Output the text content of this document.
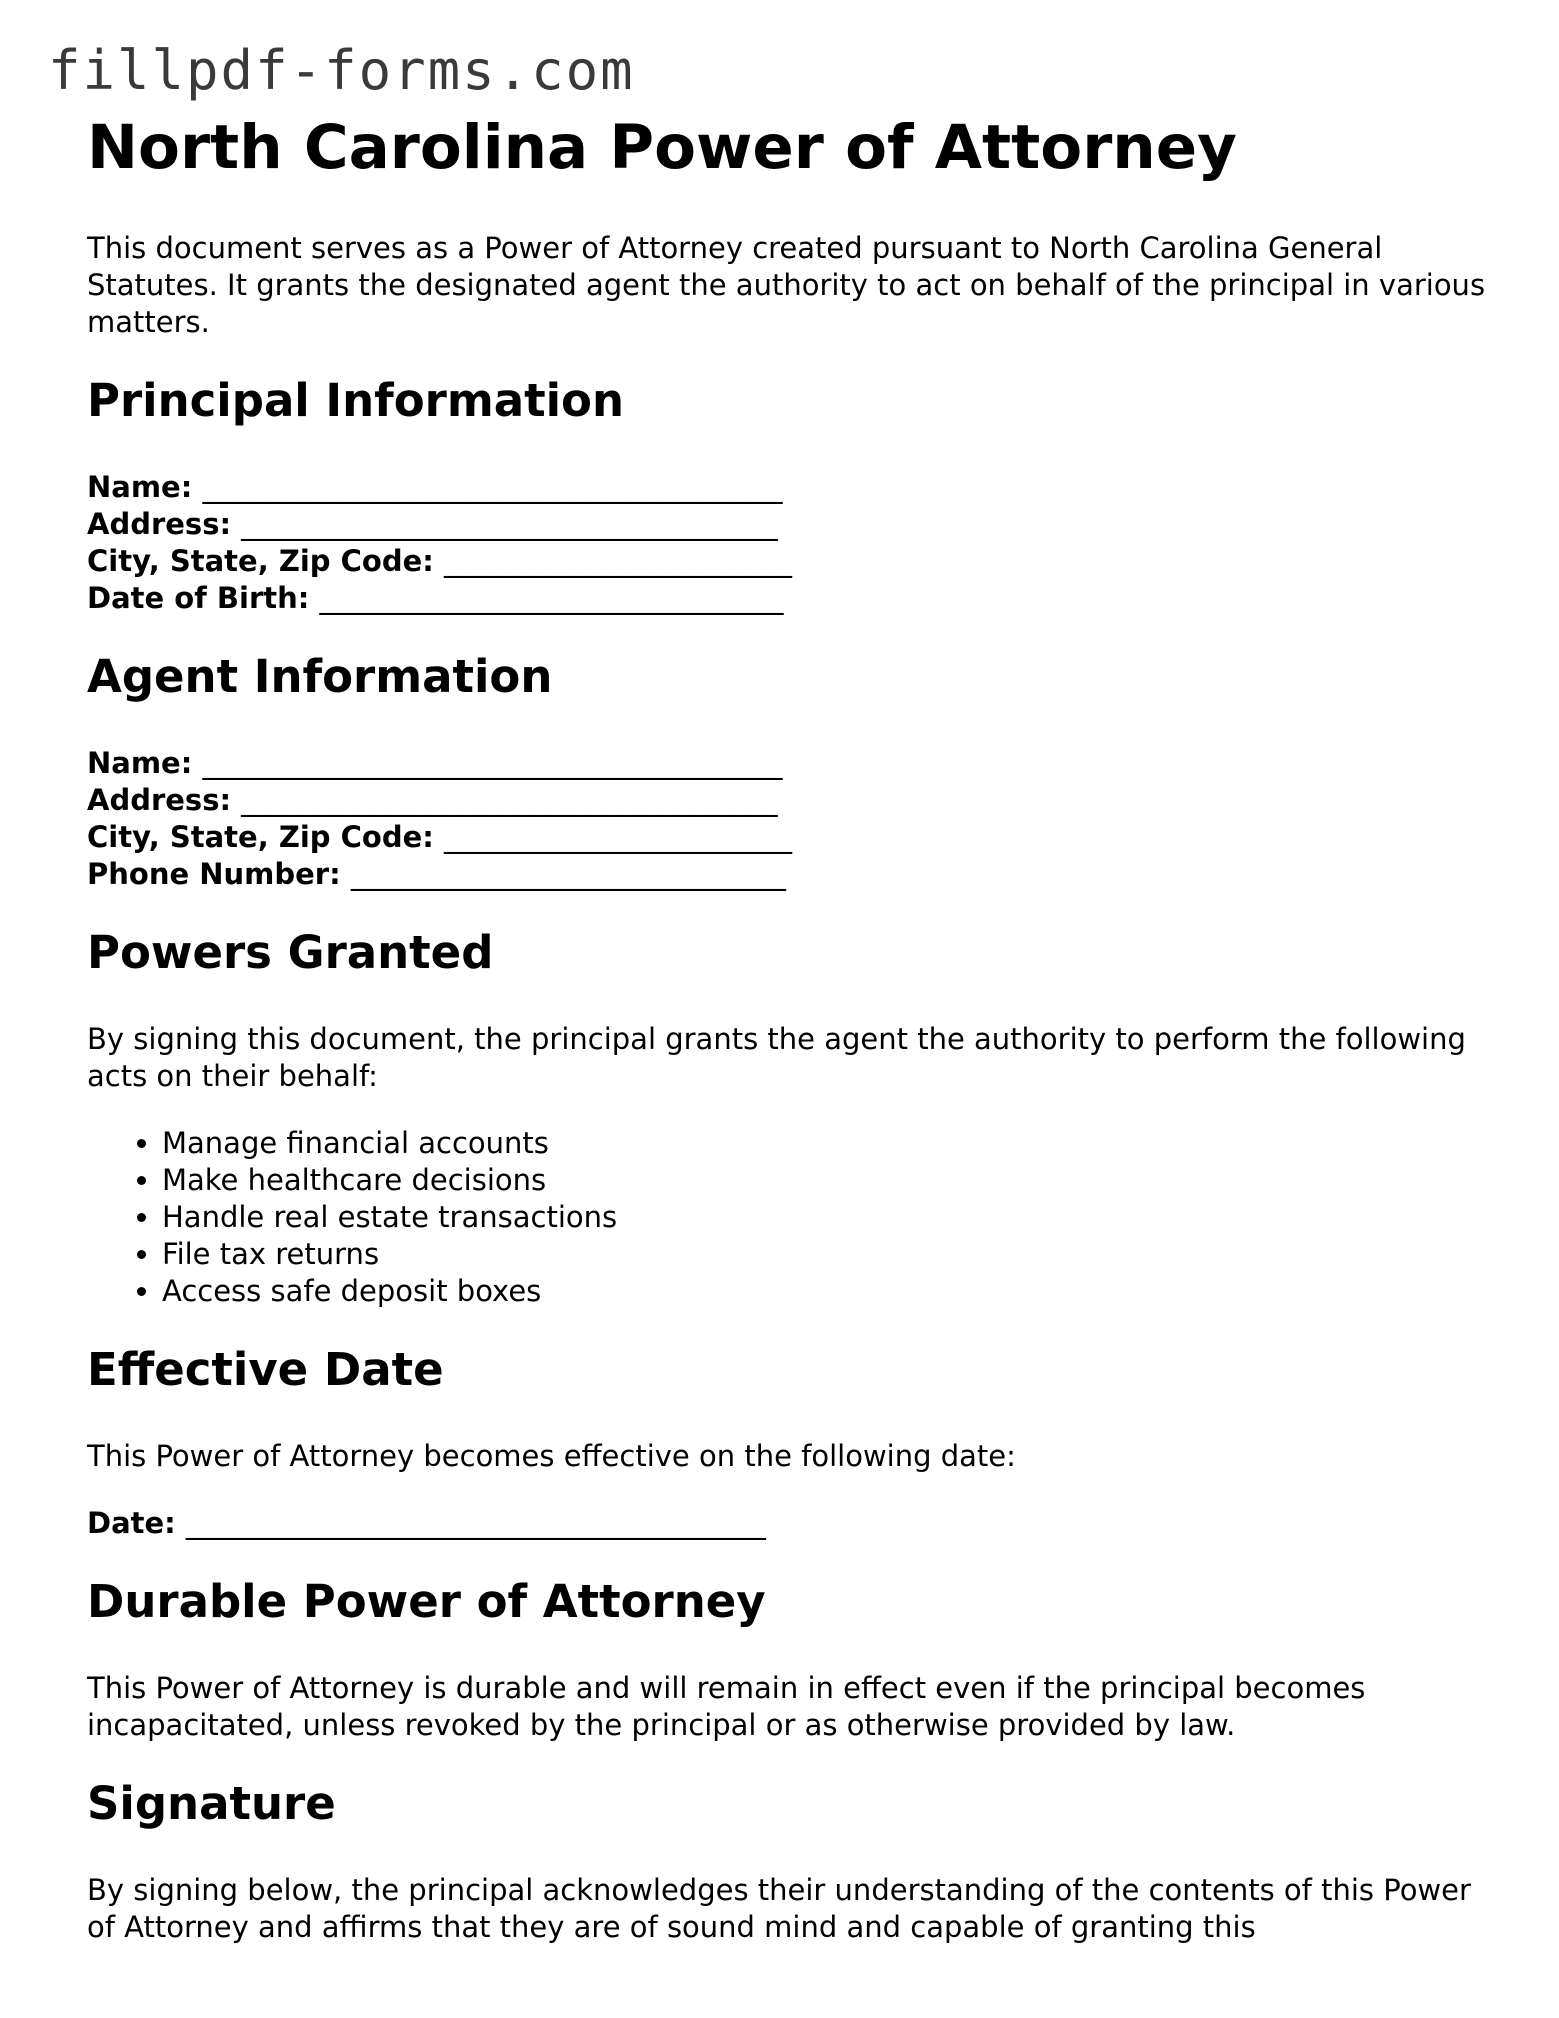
fillpdf-forms.com
North Carolina Power of Attorney

This document serves as a Power of Attorney created pursuant to North Carolina General Statutes. It grants the designated agent the authority to act on behalf of the principal in various matters.

Principal Information
Name: ________________________________________
Address: _____________________________________
City, State, Zip Code: ________________________
Date of Birth: ________________________________
Agent Information
Name: ________________________________________
Address: _____________________________________
City, State, Zip Code: ________________________
Phone Number: ______________________________
Powers Granted

By signing this document, the principal grants the agent the authority to perform the following acts on their behalf:

• Manage financial accounts
• Make healthcare decisions
• Handle real estate transactions
• File tax returns
• Access safe deposit boxes
Effective Date

This Power of Attorney becomes effective on the following date:

Date: ________________________________________
Durable Power of Attorney

This Power of Attorney is durable and will remain in effect even if the principal becomes incapacitated, unless revoked by the principal or as otherwise provided by law.

Signature

By signing below, the principal acknowledges their understanding of the contents of this Power of Attorney and affirms that they are of sound mind and capable of granting this
